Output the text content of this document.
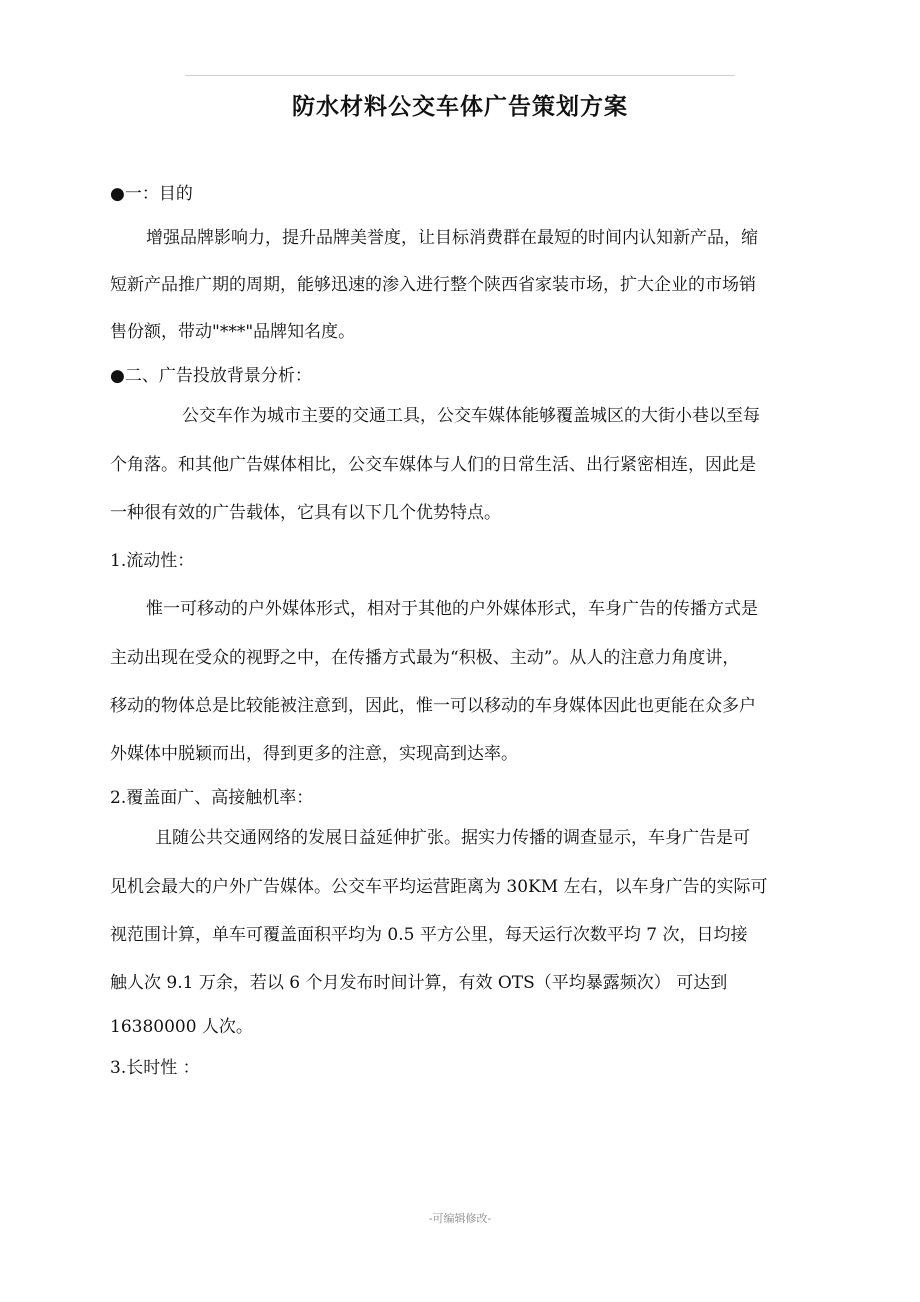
防水材料公交车体广告策划方案
●一：目的
增强品牌影响力，提升品牌美誉度，让目标消费群在最短的时间内认知新产品，缩
短新产品推广期的周期，能够迅速的渗入进行整个陕西省家装市场，扩大企业的市场销
售份额，带动"***"品牌知名度。
●二、广告投放背景分析：
公交车作为城市主要的交通工具，公交车媒体能够覆盖城区的大街小巷以至每
个角落。和其他广告媒体相比，公交车媒体与人们的日常生活、出行紧密相连，因此是
一种很有效的广告载体，它具有以下几个优势特点。
1.流动性：
惟一可移动的户外媒体形式，相对于其他的户外媒体形式，车身广告的传播方式是
主动出现在受众的视野之中，在传播方式最为“积极、主动”。从人的注意力角度讲，
移动的物体总是比较能被注意到，因此，惟一可以移动的车身媒体因此也更能在众多户
外媒体中脱颖而出，得到更多的注意，实现高到达率。
2.覆盖面广、高接触机率：
且随公共交通网络的发展日益延伸扩张。据实力传播的调查显示，车身广告是可
见机会最大的户外广告媒体。公交车平均运营距离为 30KM 左右，以车身广告的实际可
视范围计算，单车可覆盖面积平均为 0.5 平方公里，每天运行次数平均 7 次，日均接
触人次 9.1 万余，若以 6 个月发布时间计算，有效 OTS（平均暴露频次） 可达到
16380000 人次。
3.长时性 ：
-可编辑修改-
